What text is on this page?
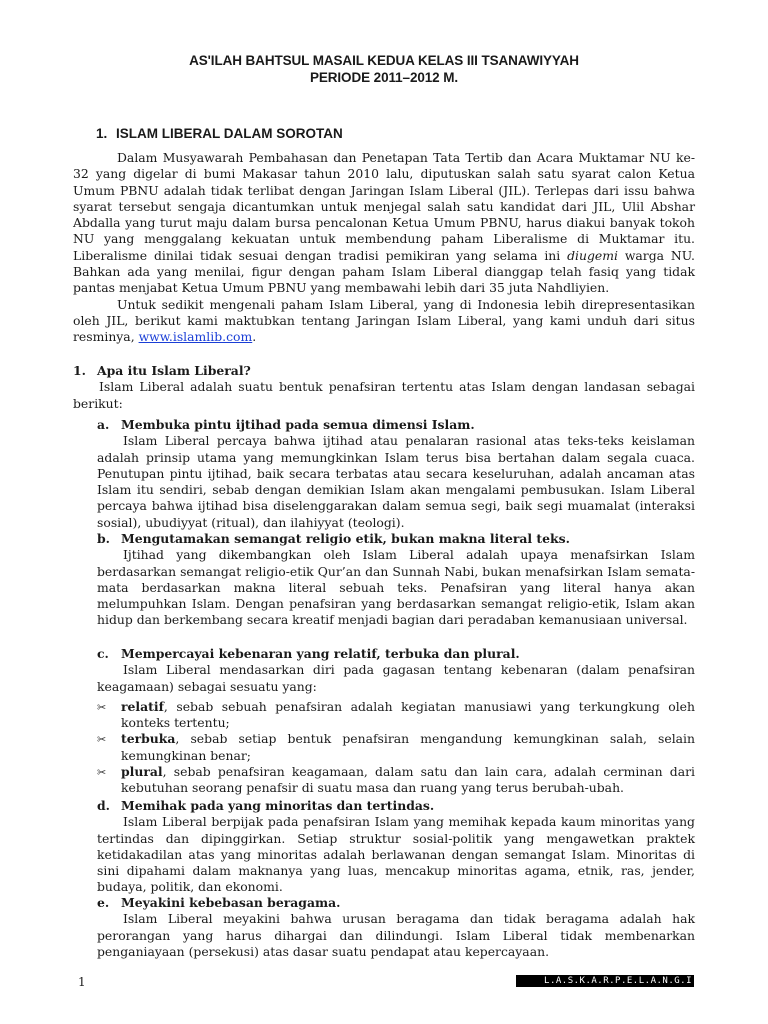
AS'ILAH BAHTSUL MASAIL KEDUA KELAS III TSANAWIYYAH
PERIODE 2011–2012 M.
1. ISLAM LIBERAL DALAM SOROTAN

Dalam Musyawarah Pembahasan dan Penetapan Tata Tertib dan Acara Muktamar NU ke-32 yang digelar di bumi Makasar tahun 2010 lalu, diputuskan salah satu syarat calon Ketua Umum PBNU adalah tidak terlibat dengan Jaringan Islam Liberal (JIL). Terlepas dari issu bahwa syarat tersebut sengaja dicantumkan untuk menjegal salah satu kandidat dari JIL, Ulil Abshar Abdalla yang turut maju dalam bursa pencalonan Ketua Umum PBNU, harus diakui banyak tokoh NU yang menggalang kekuatan untuk membendung paham Liberalisme di Muktamar itu. Liberalisme dinilai tidak sesuai dengan tradisi pemikiran yang selama ini diugemi warga NU. Bahkan ada yang menilai, figur dengan paham Islam Liberal dianggap telah fasiq yang tidak pantas menjabat Ketua Umum PBNU yang membawahi lebih dari 35 juta Nahdliyien.

Untuk sedikit mengenali paham Islam Liberal, yang di Indonesia lebih direpresentasikan oleh JIL, berikut kami maktubkan tentang Jaringan Islam Liberal, yang kami unduh dari situs resminya, www.islamlib.com.

1. Apa itu Islam Liberal?

Islam Liberal adalah suatu bentuk penafsiran tertentu atas Islam dengan landasan sebagai berikut:

a. Membuka pintu ijtihad pada semua dimensi Islam.

Islam Liberal percaya bahwa ijtihad atau penalaran rasional atas teks-teks keislaman adalah prinsip utama yang memungkinkan Islam terus bisa bertahan dalam segala cuaca. Penutupan pintu ijtihad, baik secara terbatas atau secara keseluruhan, adalah ancaman atas Islam itu sendiri, sebab dengan demikian Islam akan mengalami pembusukan. Islam Liberal percaya bahwa ijtihad bisa diselenggarakan dalam semua segi, baik segi muamalat (interaksi sosial), ubudiyyat (ritual), dan ilahiyyat (teologi).

b. Mengutamakan semangat religio etik, bukan makna literal teks.

Ijtihad yang dikembangkan oleh Islam Liberal adalah upaya menafsirkan Islam berdasarkan semangat religio-etik Qur’an dan Sunnah Nabi, bukan menafsirkan Islam semata-mata berdasarkan makna literal sebuah teks. Penafsiran yang literal hanya akan melumpuhkan Islam. Dengan penafsiran yang berdasarkan semangat religio-etik, Islam akan hidup dan berkembang secara kreatif menjadi bagian dari peradaban kemanusiaan universal.

c. Mempercayai kebenaran yang relatif, terbuka dan plural.

Islam Liberal mendasarkan diri pada gagasan tentang kebenaran (dalam penafsiran keagamaan) sebagai sesuatu yang:

✂	relatif, sebab sebuah penafsiran adalah kegiatan manusiawi yang terkungkung oleh konteks tertentu;
✂	terbuka, sebab setiap bentuk penafsiran mengandung kemungkinan salah, selain kemungkinan benar;
✂	plural, sebab penafsiran keagamaan, dalam satu dan lain cara, adalah cerminan dari kebutuhan seorang penafsir di suatu masa dan ruang yang terus berubah-ubah.
d. Memihak pada yang minoritas dan tertindas.

Islam Liberal berpijak pada penafsiran Islam yang memihak kepada kaum minoritas yang tertindas dan dipinggirkan. Setiap struktur sosial-politik yang mengawetkan praktek ketidakadilan atas yang minoritas adalah berlawanan dengan semangat Islam. Minoritas di sini dipahami dalam maknanya yang luas, mencakup minoritas agama, etnik, ras, jender, budaya, politik, dan ekonomi.

e. Meyakini kebebasan beragama.

Islam Liberal meyakini bahwa urusan beragama dan tidak beragama adalah hak perorangan yang harus dihargai dan dilindungi. Islam Liberal tidak membenarkan penganiayaan (persekusi) atas dasar suatu pendapat atau kepercayaan.

1	L.A.S.K.A.R.P.E.L.A.N.G.I
